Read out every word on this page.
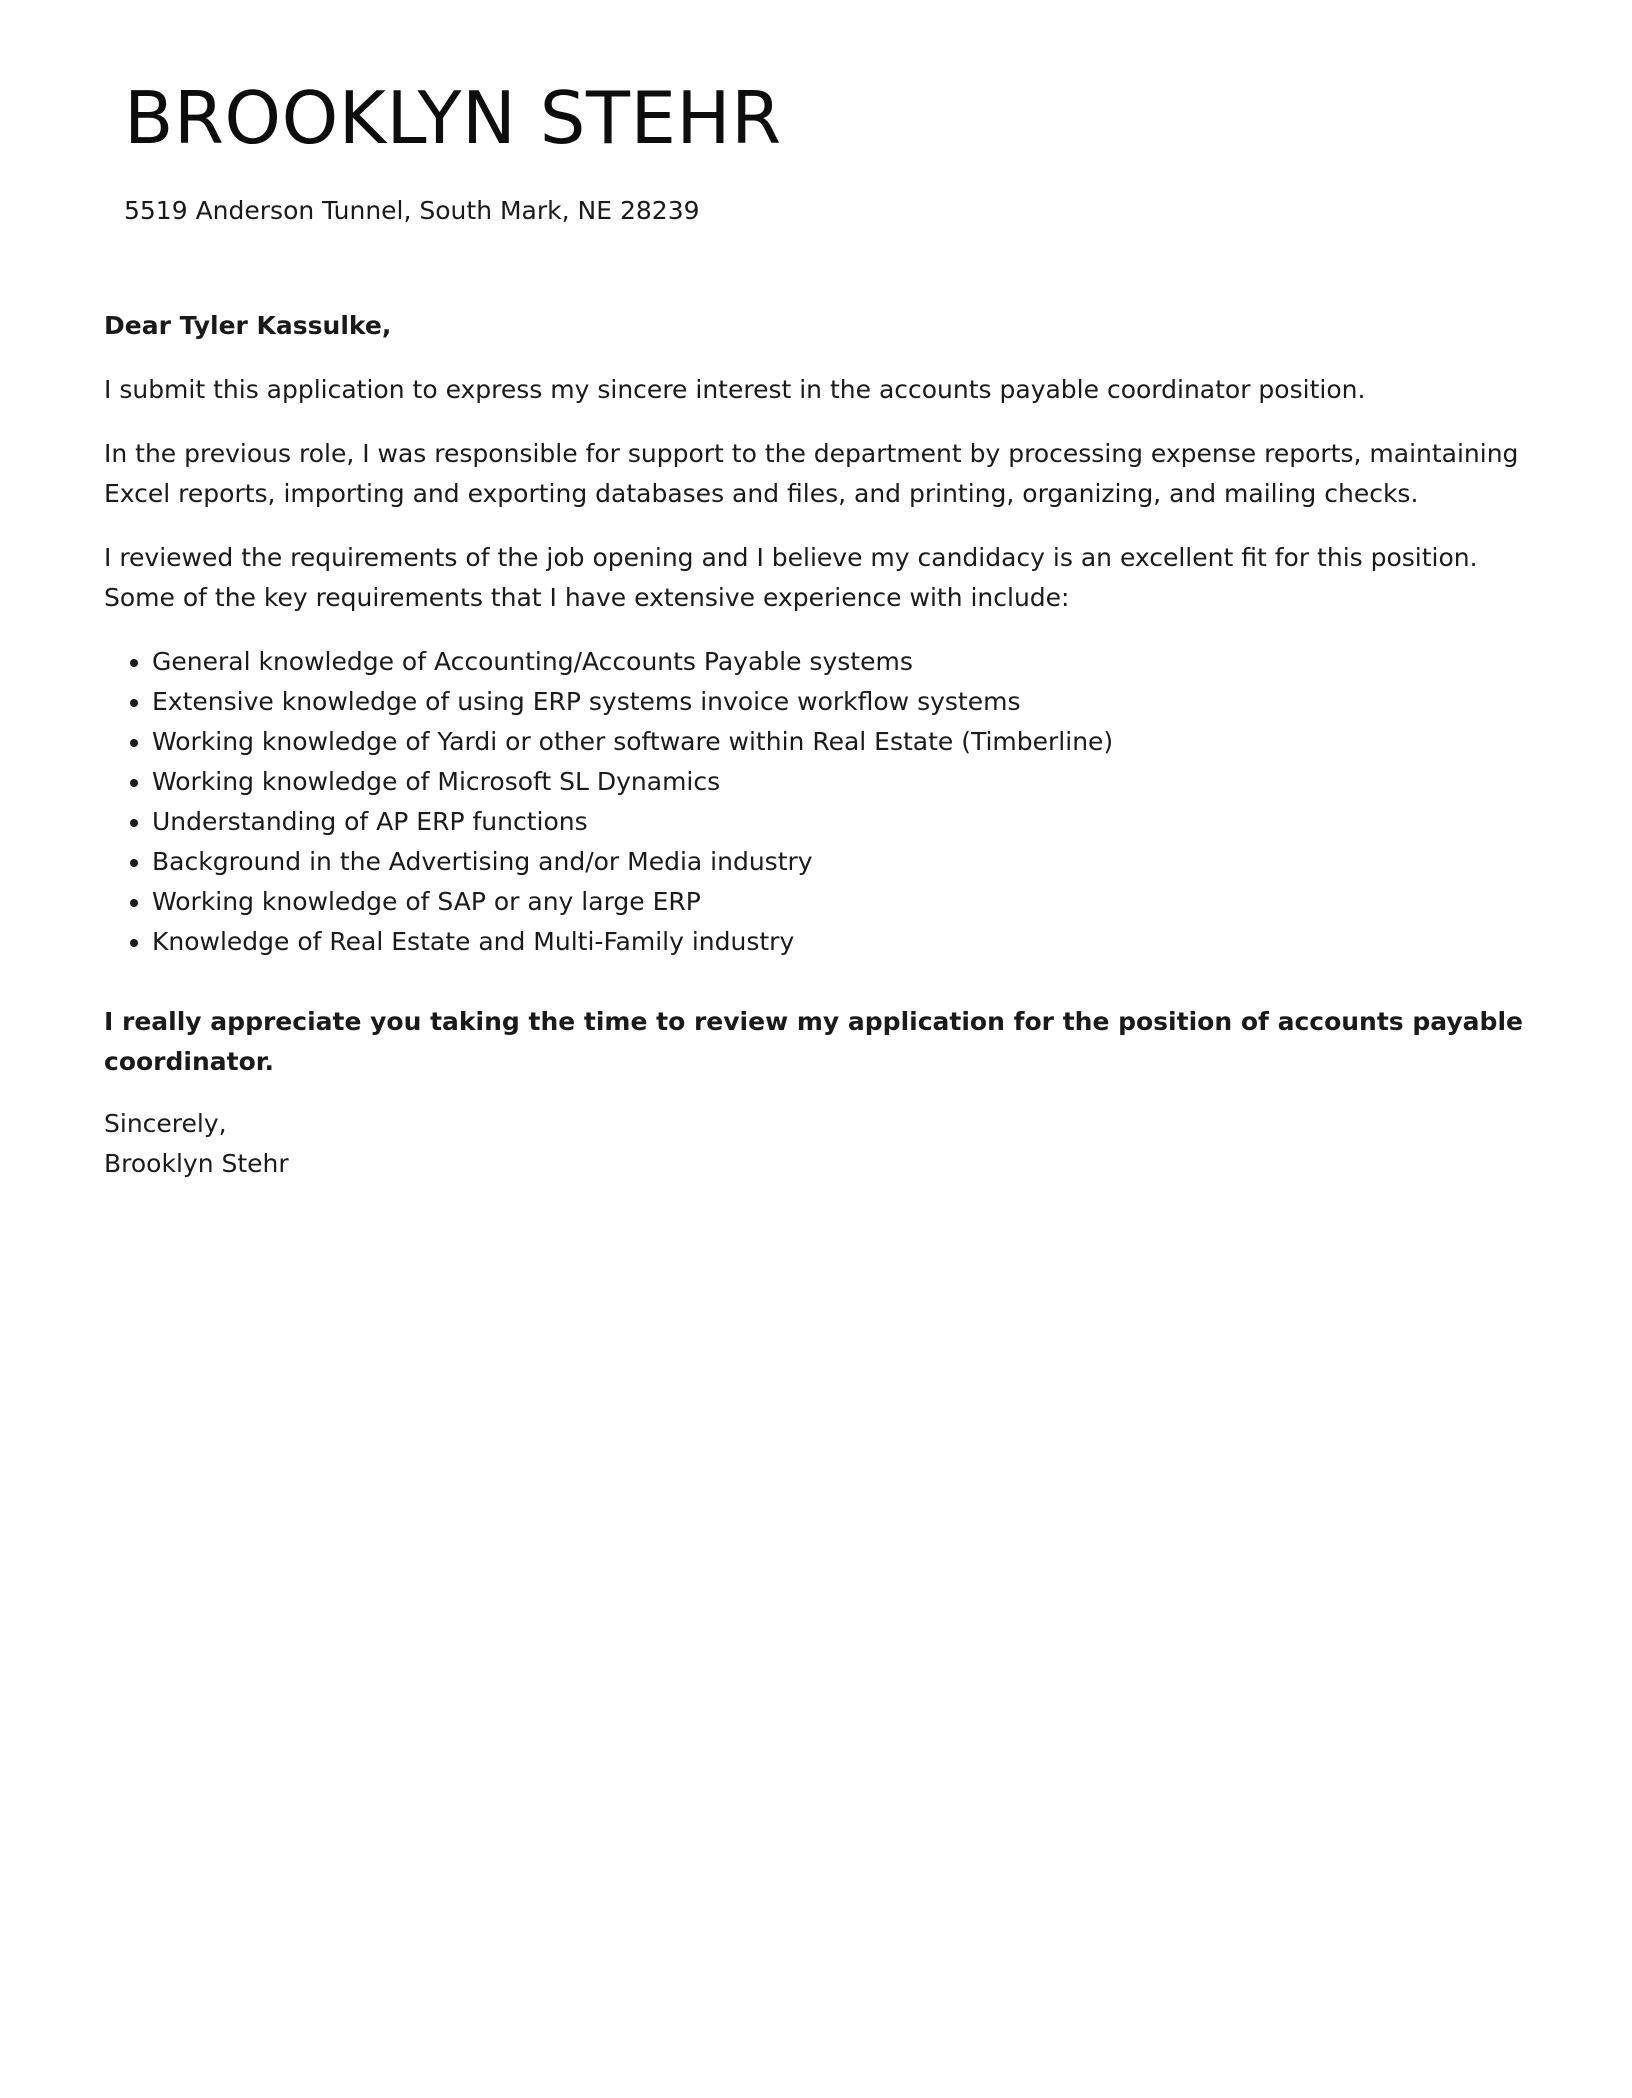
BROOKLYN STEHR
5519 Anderson Tunnel, South Mark, NE 28239

Dear Tyler Kassulke,

I submit this application to express my sincere interest in the accounts payable coordinator position.

In the previous role, I was responsible for support to the department by processing expense reports, maintaining Excel reports, importing and exporting databases and files, and printing, organizing, and mailing checks.

I reviewed the requirements of the job opening and I believe my candidacy is an excellent fit for this position. Some of the key requirements that I have extensive experience with include:

• General knowledge of Accounting/Accounts Payable systems
• Extensive knowledge of using ERP systems invoice workflow systems
• Working knowledge of Yardi or other software within Real Estate (Timberline)
• Working knowledge of Microsoft SL Dynamics
• Understanding of AP ERP functions
• Background in the Advertising and/or Media industry
• Working knowledge of SAP or any large ERP
• Knowledge of Real Estate and Multi-Family industry

I really appreciate you taking the time to review my application for the position of accounts payable coordinator.

Sincerely,

Brooklyn Stehr
